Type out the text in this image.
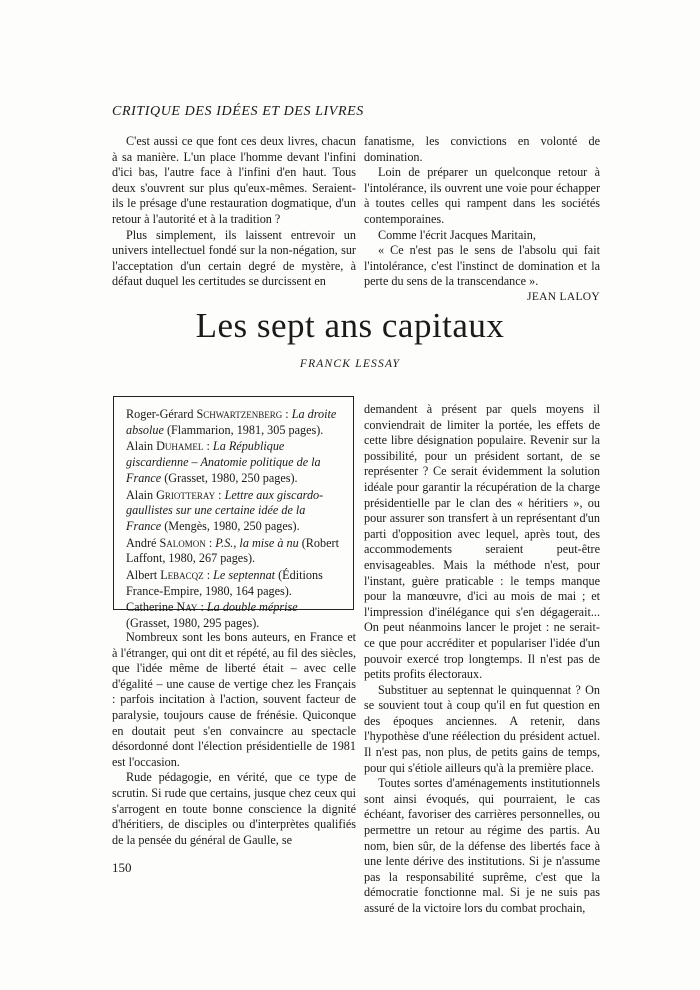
CRITIQUE DES IDÉES ET DES LIVRES

C'est aussi ce que font ces deux livres, chacun à sa manière. L'un place l'homme devant l'infini d'ici bas, l'autre face à l'infini d'en haut. Tous deux s'ouvrent sur plus qu'eux-mêmes. Seraient-ils le présage d'une restauration dogmatique, d'un retour à l'autorité et à la tradition ?

Plus simplement, ils laissent entrevoir un univers intellectuel fondé sur la non-négation, sur l'acceptation d'un certain degré de mystère, à défaut duquel les certitudes se durcissent en

fanatisme, les convictions en volonté de domination.

Loin de préparer un quelconque retour à l'intolérance, ils ouvrent une voie pour échapper à toutes celles qui rampent dans les sociétés contemporaines.

Comme l'écrit Jacques Maritain,

« Ce n'est pas le sens de l'absolu qui fait l'intolérance, c'est l'instinct de domination et la perte du sens de la transcendance ».

JEAN LALOY

Les sept ans capitaux
FRANCK LESSAY

Roger-Gérard Schwartzenberg : La droite absolue (Flammarion, 1981, 305 pages).

Alain Duhamel : La République giscardienne – Anatomie politique de la France (Grasset, 1980, 250 pages).

Alain Griotteray : Lettre aux giscardo-gaullistes sur une certaine idée de la France (Mengès, 1980, 250 pages).

André Salomon : P.S., la mise à nu (Robert Laffont, 1980, 267 pages).

Albert Lebacqz : Le septennat (Éditions France-Empire, 1980, 164 pages).

Catherine Nay : La double méprise (Grasset, 1980, 295 pages).

Nombreux sont les bons auteurs, en France et à l'étranger, qui ont dit et répété, au fil des siècles, que l'idée même de liberté était – avec celle d'égalité – une cause de vertige chez les Français : parfois incitation à l'action, souvent facteur de paralysie, toujours cause de frénésie. Quiconque en doutait peut s'en convaincre au spectacle désordonné dont l'élection présidentielle de 1981 est l'occasion.

Rude pédagogie, en vérité, que ce type de scrutin. Si rude que certains, jusque chez ceux qui s'arrogent en toute bonne conscience la dignité d'héritiers, de disciples ou d'interprètes qualifiés de la pensée du général de Gaulle, se

demandent à présent par quels moyens il conviendrait de limiter la portée, les effets de cette libre désignation populaire. Revenir sur la possibilité, pour un président sortant, de se représenter ? Ce serait évidemment la solution idéale pour garantir la récupération de la charge présidentielle par le clan des « héritiers », ou pour assurer son transfert à un représentant d'un parti d'opposition avec lequel, après tout, des accommodements seraient peut-être envisageables. Mais la méthode n'est, pour l'instant, guère praticable : le temps manque pour la manœuvre, d'ici au mois de mai ; et l'impression d'inélégance qui s'en dégagerait... On peut néanmoins lancer le projet : ne serait-ce que pour accréditer et populariser l'idée d'un pouvoir exercé trop longtemps. Il n'est pas de petits profits électoraux.

Substituer au septennat le quinquennat ? On se souvient tout à coup qu'il en fut question en des époques anciennes. A retenir, dans l'hypothèse d'une réélection du président actuel. Il n'est pas, non plus, de petits gains de temps, pour qui s'étiole ailleurs qu'à la première place.

Toutes sortes d'aménagements institutionnels sont ainsi évoqués, qui pourraient, le cas échéant, favoriser des carrières personnelles, ou permettre un retour au régime des partis. Au nom, bien sûr, de la défense des libertés face à une lente dérive des institutions. Si je n'assume pas la responsabilité suprême, c'est que la démocratie fonctionne mal. Si je ne suis pas assuré de la victoire lors du combat prochain,

150
